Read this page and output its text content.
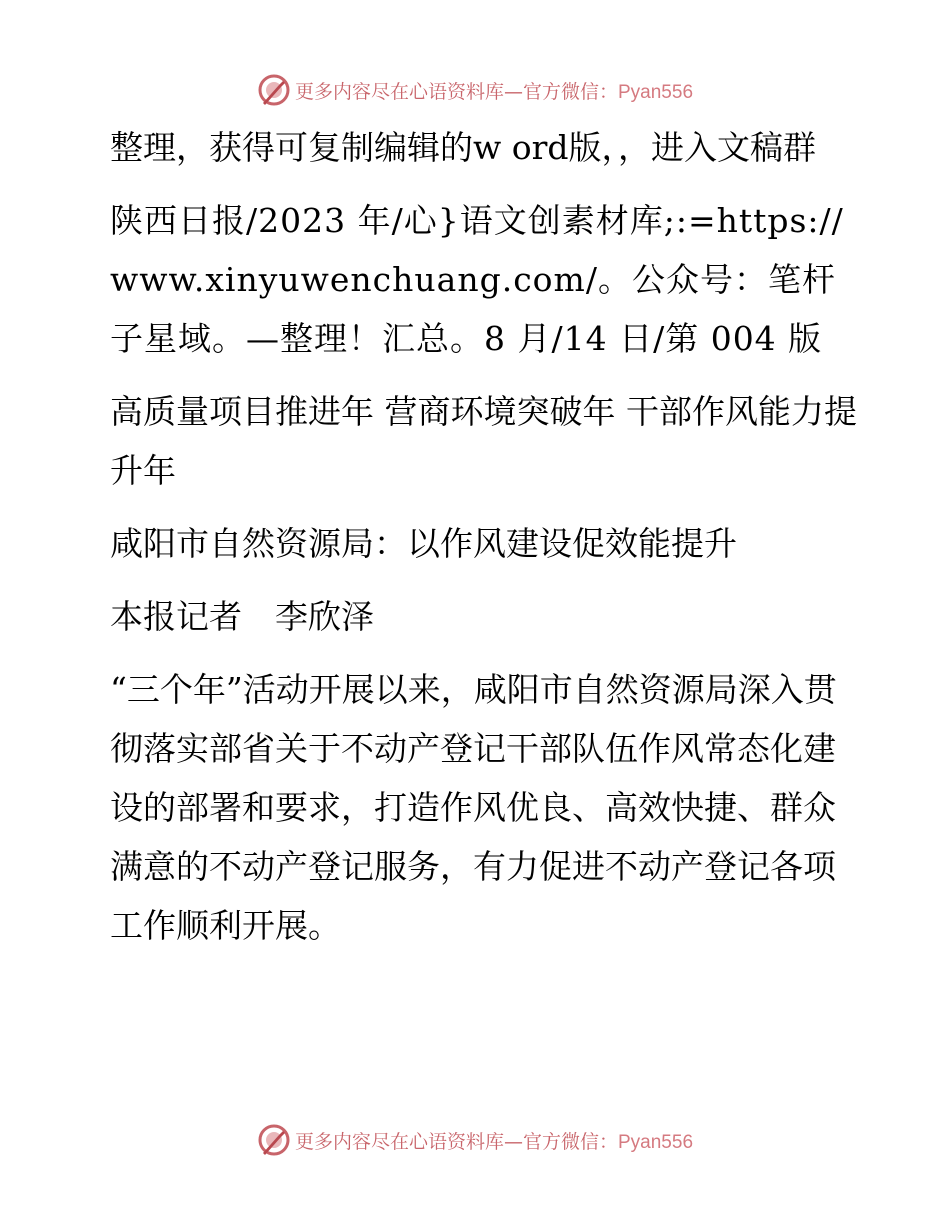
更多内容尽在心语资料库—官方微信：Pyan556

整理，获得可复制编辑的w ord版，，进入文稿群

陕西日报/2023 年/心}语文创素材库;:=https://www.xinyuwenchuang.com/。公众号：笔杆子星域。—整理！汇总。8 月/14 日/第 004 版

高质量项目推进年 营商环境突破年 干部作风能力提升年

咸阳市自然资源局：以作风建设促效能提升

本报记者　李欣泽

“三个年”活动开展以来，咸阳市自然资源局深入贯彻落实部省关于不动产登记干部队伍作风常态化建设的部署和要求，打造作风优良、高效快捷、群众满意的不动产登记服务，有力促进不动产登记各项工作顺利开展。

更多内容尽在心语资料库—官方微信：Pyan556
